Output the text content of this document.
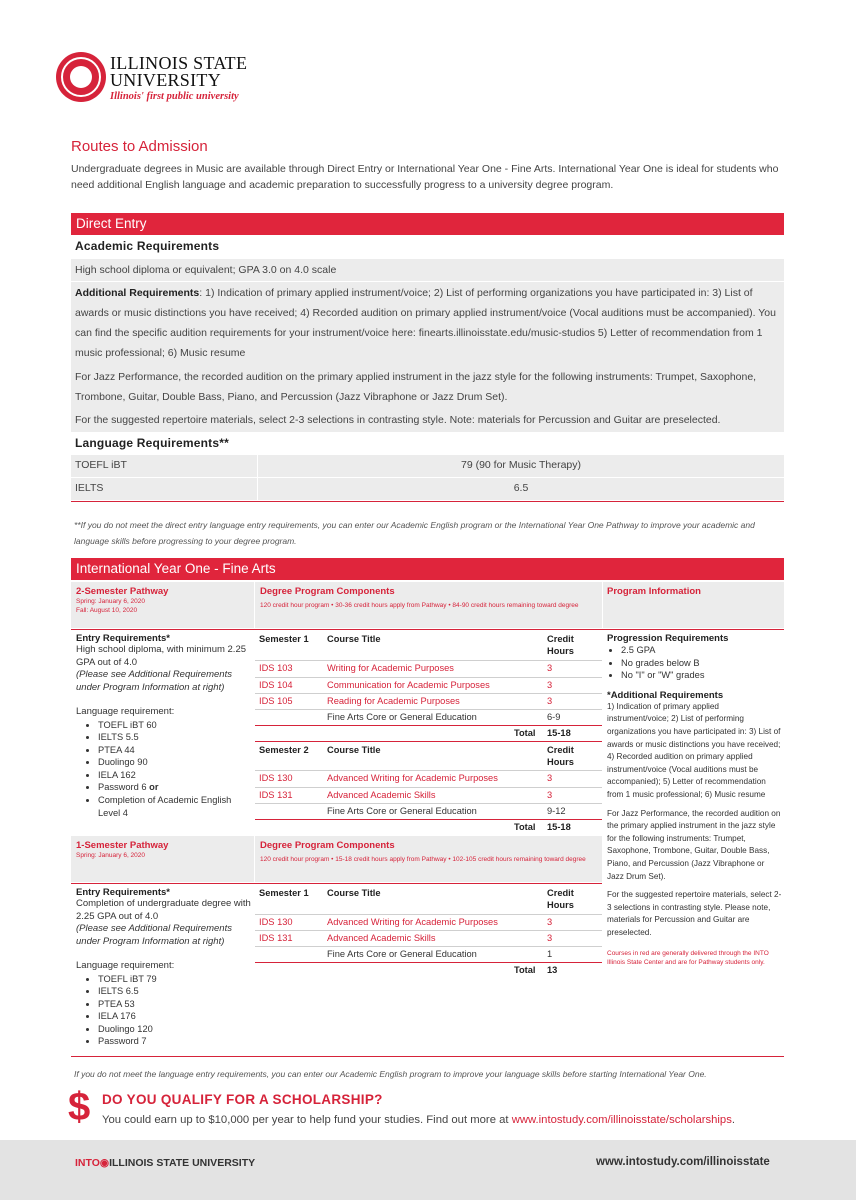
ILLINOIS STATE
UNIVERSITY
Illinois' first public university
Routes to Admission
Undergraduate degrees in Music are available through Direct Entry or International Year One - Fine Arts. International Year One is ideal for students who need additional English language and academic preparation to successfully progress to a university degree program.
Direct Entry
Academic Requirements
High school diploma or equivalent; GPA 3.0 on 4.0 scale
Additional Requirements: 1) Indication of primary applied instrument/voice; 2) List of performing organizations you have participated in: 3) List of awards or music distinctions you have received; 4) Recorded audition on primary applied instrument/voice (Vocal auditions must be accompanied). You can find the specific audition requirements for your instrument/voice here: finearts.illinoisstate.edu/music-studios 5) Letter of recommendation from 1 music professional; 6) Music resume
For Jazz Performance, the recorded audition on the primary applied instrument in the jazz style for the following instruments: Trumpet, Saxophone, Trombone, Guitar, Double Bass, Piano, and Percussion (Jazz Vibraphone or Jazz Drum Set).
For the suggested repertoire materials, select 2-3 selections in contrasting style. Note: materials for Percussion and Guitar are preselected.
Language Requirements**
TOEFL iBT	79 (90 for Music Therapy)
IELTS	6.5
**If you do not meet the direct entry language entry requirements, you can enter our Academic English program or the International Year One Pathway to improve your academic and language skills before progressing to your degree program.
International Year One - Fine Arts
2-Semester Pathway
Spring: January 6, 2020
Fall: August 10, 2020
Degree Program Components
120 credit hour program • 30-36 credit hours apply from Pathway • 84-90 credit hours remaining toward degree
Program Information
Entry Requirements*
High school diploma, with minimum 2.25 GPA out of 4.0
(Please see Additional Requirements under Program Information at right)
Language requirement:
• TOEFL iBT 60
• IELTS 5.5
• PTEA 44
• Duolingo 90
• IELA 162
• Password 6 or
• Completion of Academic English Level 4
Semester 1 Course Title	Credit Hours
IDS 103	Writing for Academic Purposes	3
IDS 104	Communication for Academic Purposes	3
IDS 105	Reading for Academic Purposes	3
Fine Arts Core or General Education	6-9
Total 15-18
Semester 2 Course Title	Credit Hours
IDS 130	Advanced Writing for Academic Purposes	3
IDS 131	Advanced Academic Skills	3
Fine Arts Core or General Education	9-12
Total 15-18
1-Semester Pathway
Spring: January 6, 2020
Degree Program Components
120 credit hour program • 15-18 credit hours apply from Pathway • 102-105 credit hours remaining toward degree
Entry Requirements*
Completion of undergraduate degree with 2.25 GPA out of 4.0
(Please see Additional Requirements under Program Information at right)
Language requirement:
• TOEFL iBT 79
• IELTS 6.5
• PTEA 53
• IELA 176
• Duolingo 120
• Password 7
Semester 1 Course Title	Credit Hours
IDS 130	Advanced Writing for Academic Purposes	3
IDS 131	Advanced Academic Skills	3
Fine Arts Core or General Education	1
Total 13
Progression Requirements
• 2.5 GPA
• No grades below B
• No "I" or "W" grades
*Additional Requirements
1) Indication of primary applied instrument/voice; 2) List of performing organizations you have participated in: 3) List of awards or music distinctions you have received; 4) Recorded audition on primary applied instrument/voice (Vocal auditions must be accompanied); 5) Letter of recommendation from 1 music professional; 6) Music resume
For Jazz Performance, the recorded audition on the primary applied instrument in the jazz style for the following instruments: Trumpet, Saxophone, Trombone, Guitar, Double Bass, Piano, and Percussion (Jazz Vibraphone or Jazz Drum Set).
For the suggested repertoire materials, select 2-3 selections in contrasting style. Please note, materials for Percussion and Guitar are preselected.
Courses in red are generally delivered through the INTO Illinois State Center and are for Pathway students only.
If you do not meet the language entry requirements, you can enter our Academic English program to improve your language skills before starting International Year One.
$ DO YOU QUALIFY FOR A SCHOLARSHIP?
You could earn up to $10,000 per year to help fund your studies. Find out more at www.intostudy.com/illinoisstate/scholarships.
INTO◉ILLINOIS STATE UNIVERSITY	www.intostudy.com/illinoisstate
